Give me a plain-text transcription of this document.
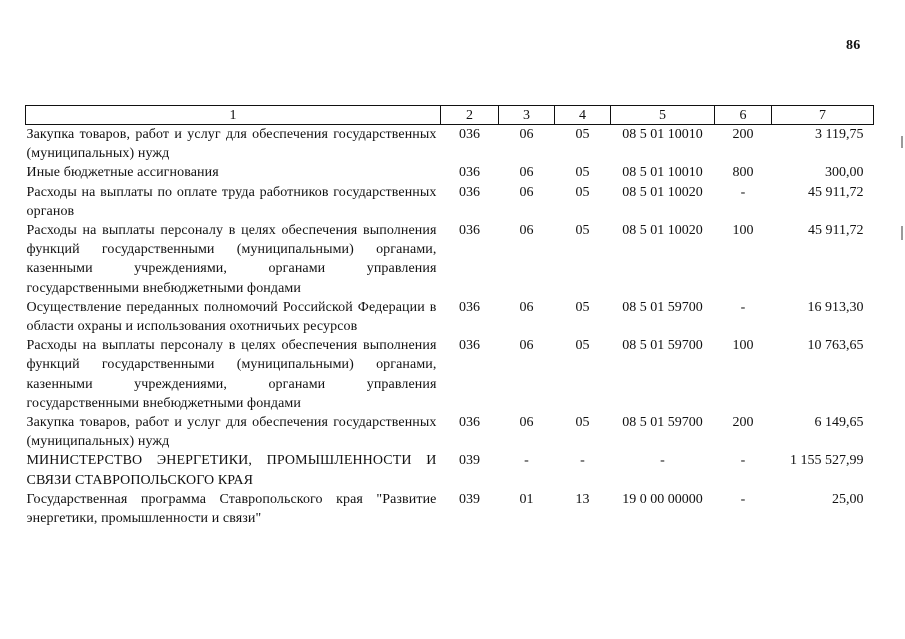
86
1	2	3	4	5	6	7
Закупка товаров, работ и услуг для обеспечения государственных (муниципальных) нужд	036	06	05	08 5 01 10010	200	3 119,75
Иные бюджетные ассигнования	036	06	05	08 5 01 10010	800	300,00
Расходы на выплаты по оплате труда работников государственных органов	036	06	05	08 5 01 10020	-	45 911,72
Расходы на выплаты персоналу в целях обеспечения выполнения функций государственными (муниципальными) органами, казенными учреждениями, органами управления государственными внебюджетными фондами	036	06	05	08 5 01 10020	100	45 911,72
Осуществление переданных полномочий Российской Федерации в области охраны и использования охотничьих ресурсов	036	06	05	08 5 01 59700	-	16 913,30
Расходы на выплаты персоналу в целях обеспечения выполнения функций государственными (муниципальными) органами, казенными учреждениями, органами управления государственными внебюджетными фондами	036	06	05	08 5 01 59700	100	10 763,65
Закупка товаров, работ и услуг для обеспечения государственных (муниципальных) нужд	036	06	05	08 5 01 59700	200	6 149,65
МИНИСТЕРСТВО ЭНЕРГЕТИКИ, ПРОМЫШЛЕННОСТИ И СВЯЗИ СТАВРОПОЛЬСКОГО КРАЯ	039	-	-	-	-	1 155 527,99
Государственная программа Ставропольского края "Развитие энергетики, промышленности и связи"	039	01	13	19 0 00 00000	-	25,00
